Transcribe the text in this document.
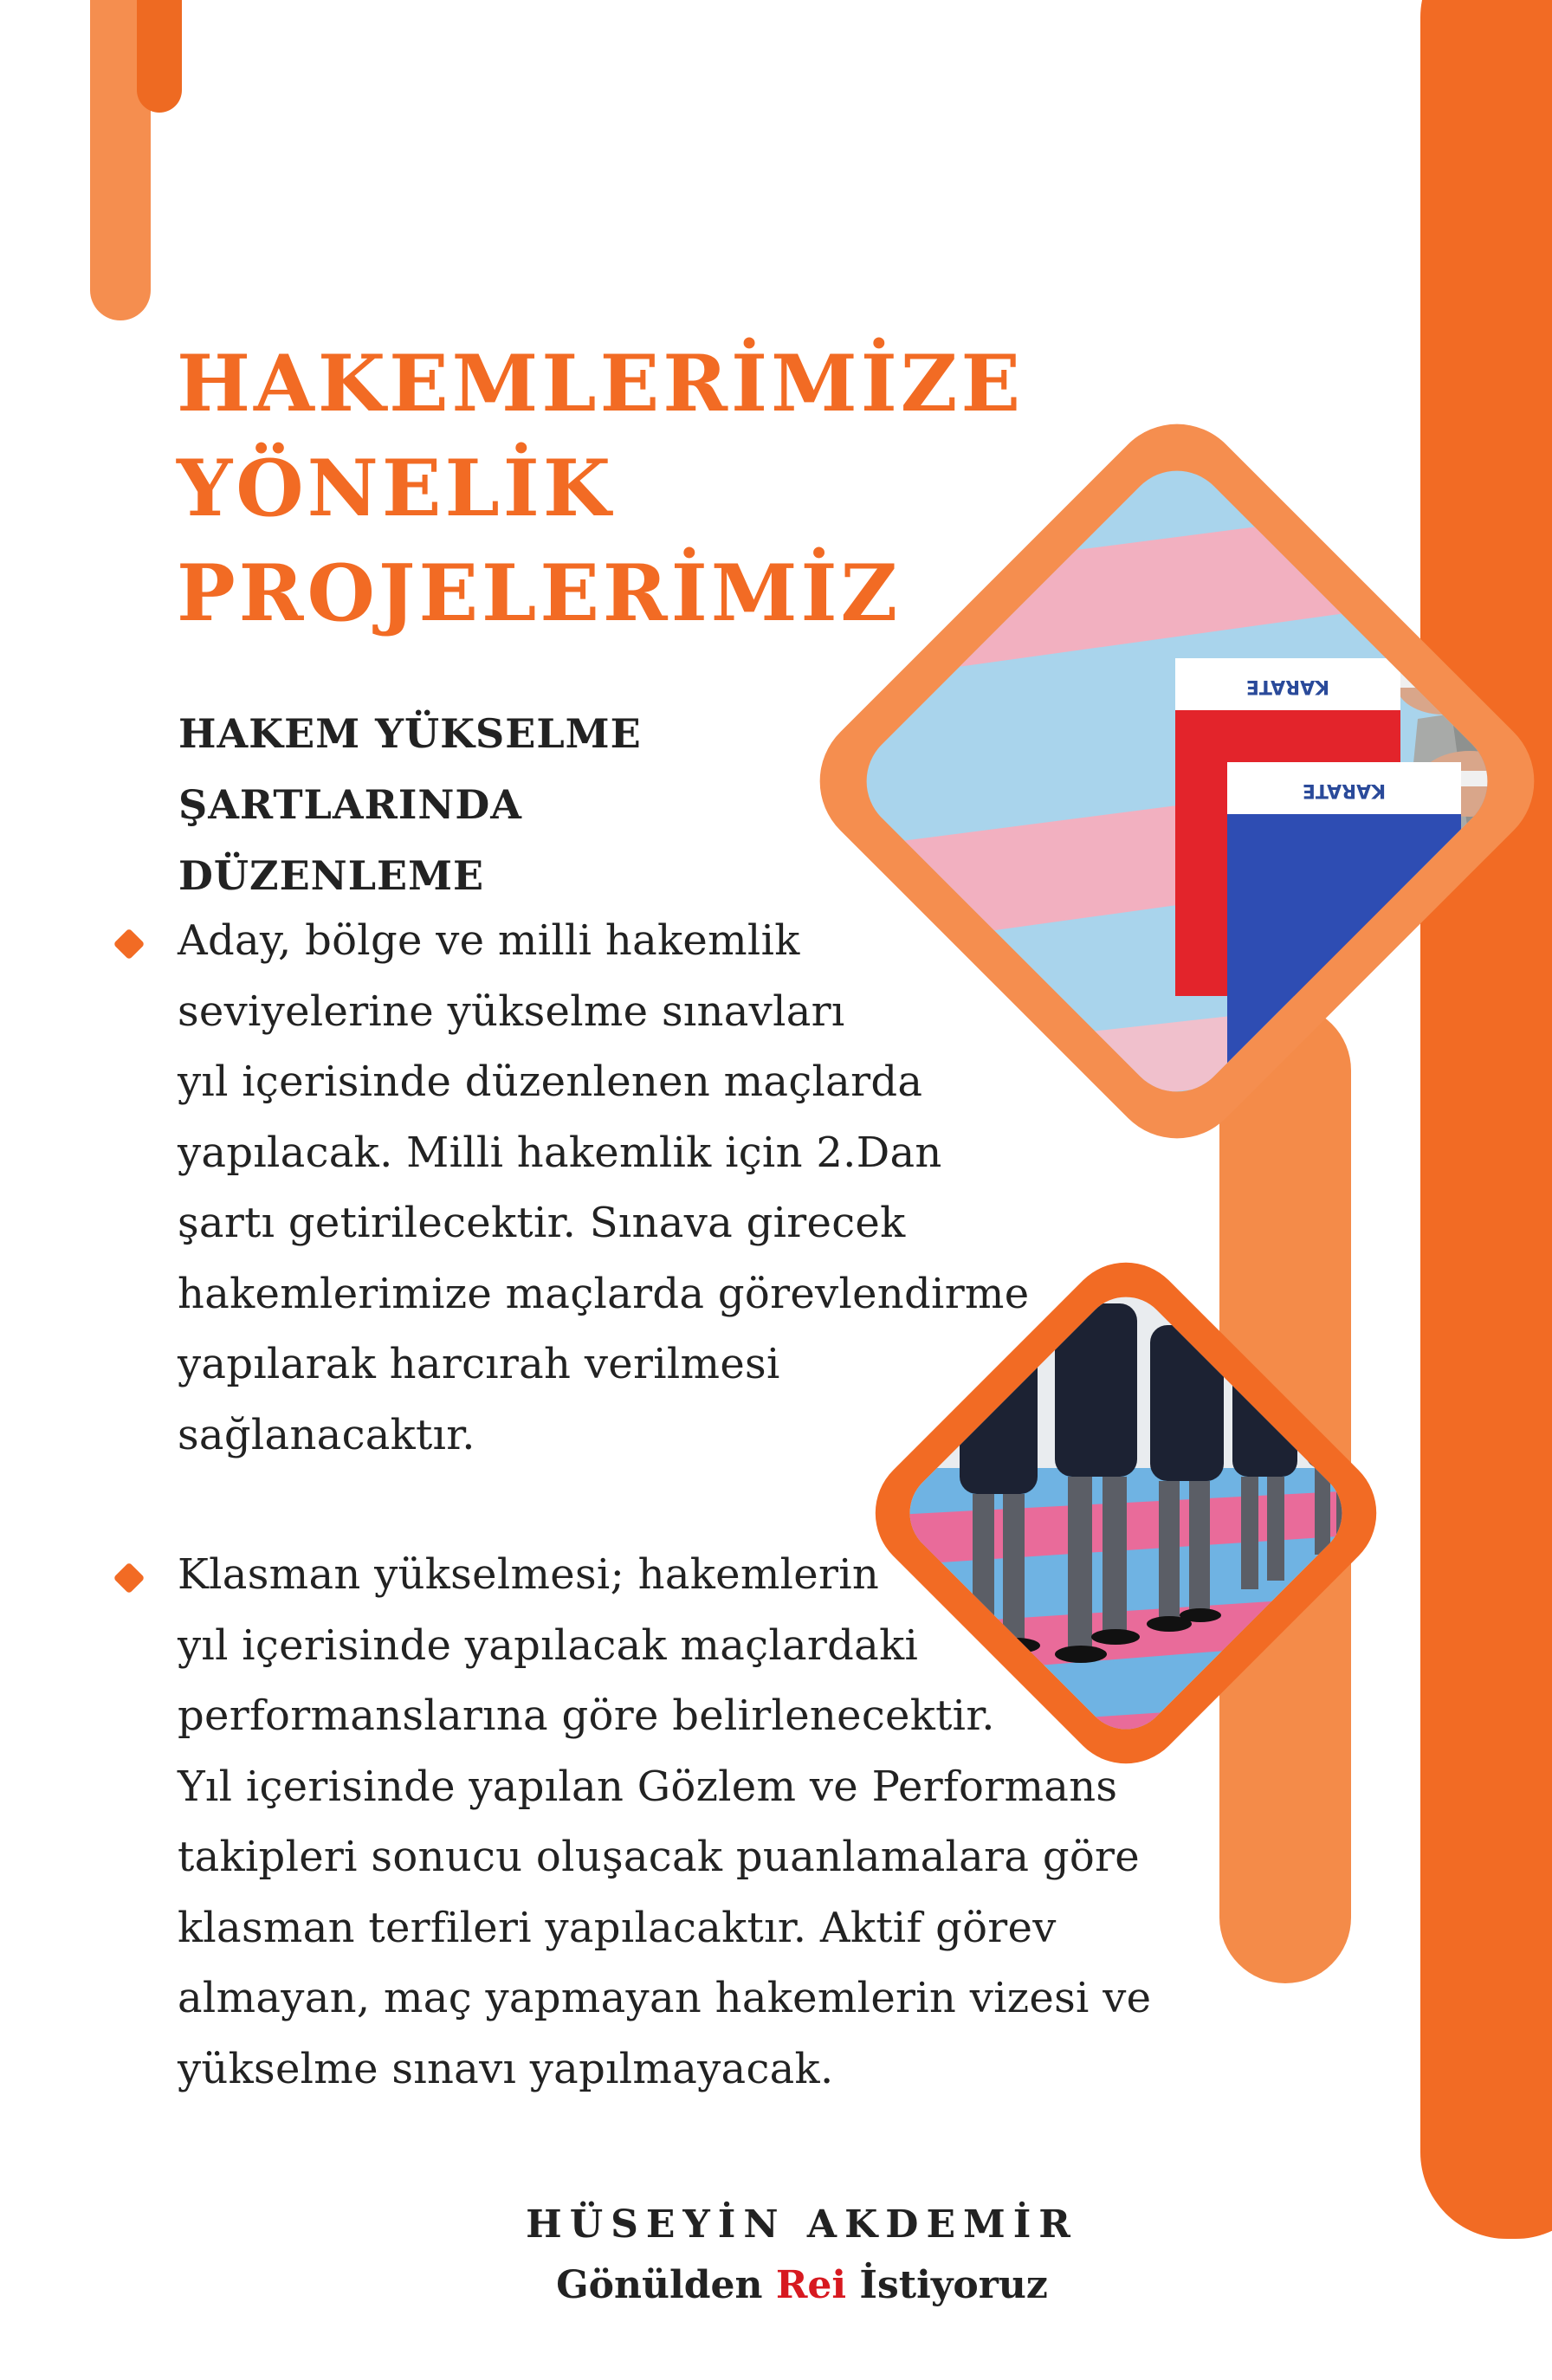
HAKEMLERİMİZE
YÖNELİK
PROJELERİMİZ
HAKEM YÜKSELME
ŞARTLARINDA
DÜZENLEME
Aday, bölge ve milli hakemlik
seviyelerine yükselme sınavları
yıl içerisinde düzenlenen maçlarda
yapılacak. Milli hakemlik için 2.Dan
şartı getirilecektir. Sınava girecek
hakemlerimize maçlarda görevlendirme
yapılarak harcırah verilmesi
sağlanacaktır.
Klasman yükselmesi; hakemlerin
yıl içerisinde yapılacak maçlardaki
performanslarına göre belirlenecektir.
Yıl içerisinde yapılan Gözlem ve Performans
takipleri sonucu oluşacak puanlamalara göre
klasman terfileri yapılacaktır. Aktif görev
almayan, maç yapmayan hakemlerin vizesi ve
yükselme sınavı yapılmayacak.
KARATE
KARATE

HÜSEYİN AKDEMİR

Gönülden Rei İstiyoruz
